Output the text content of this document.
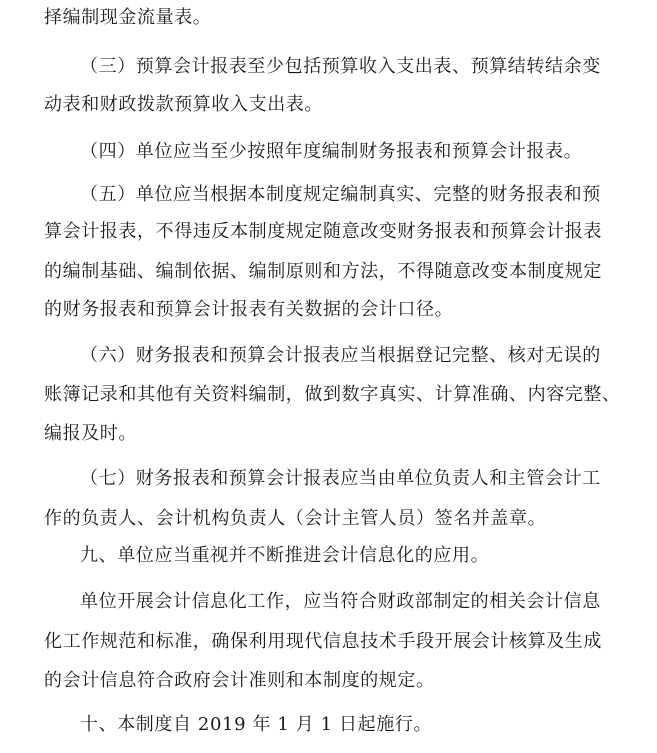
择编制现金流量表。
（三）预算会计报表至少包括预算收入支出表、预算结转结余变
动表和财政拨款预算收入支出表。
（四）单位应当至少按照年度编制财务报表和预算会计报表。
（五）单位应当根据本制度规定编制真实、完整的财务报表和预
算会计报表，不得违反本制度规定随意改变财务报表和预算会计报表
的编制基础、编制依据、编制原则和方法，不得随意改变本制度规定
的财务报表和预算会计报表有关数据的会计口径。
（六）财务报表和预算会计报表应当根据登记完整、核对无误的
账簿记录和其他有关资料编制，做到数字真实、计算准确、内容完整、
编报及时。
（七）财务报表和预算会计报表应当由单位负责人和主管会计工
作的负责人、会计机构负责人（会计主管人员）签名并盖章。
九、单位应当重视并不断推进会计信息化的应用。
单位开展会计信息化工作，应当符合财政部制定的相关会计信息
化工作规范和标准，确保利用现代信息技术手段开展会计核算及生成
的会计信息符合政府会计准则和本制度的规定。
十、本制度自 2019 年 1 月 1 日起施行。
